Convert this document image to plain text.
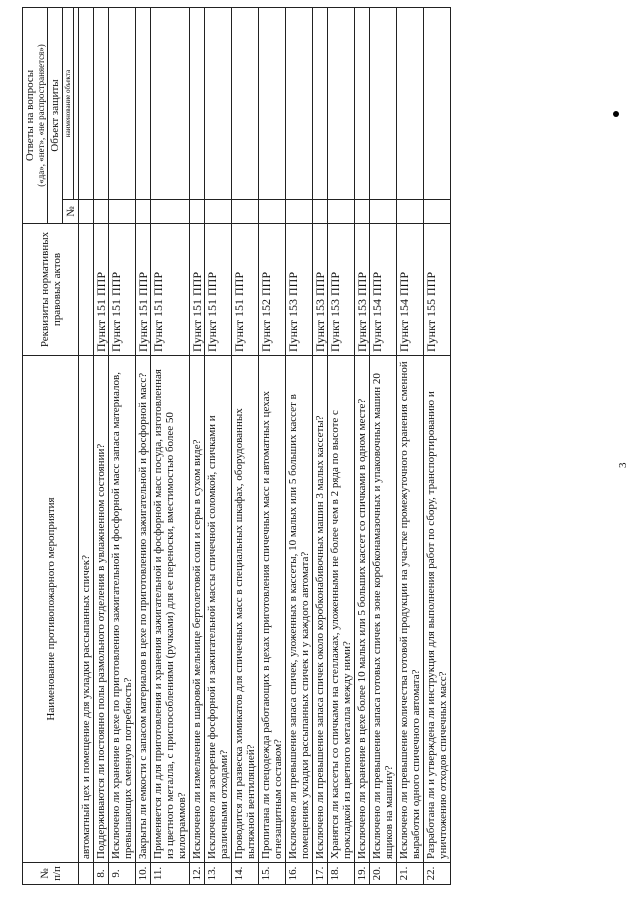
3
№ п/п	Наименование противопожарного мероприятия	Реквизиты нормативных правовых актов	Ответы на вопросы («да», «нет», «не распространяется»)	

			Объект защиты	
			№	наименование объекта

	автоматный цех и помещение для укладки рассыпанных спичек?			
8.	Поддерживаются ли постоянно полы размольного отделения в увлажненном состоянии?	Пункт 151 ППР		
9.	Исключено ли хранение в цехе по приготовлению зажигательной и фосфорной масс запаса материалов, превышающих сменную потребность?	Пункт 151 ППР		
10.	Закрыты ли емкости с запасом материалов в цехе по приготовлению зажигательной и фосфорной масс?	Пункт 151 ППР		
11.	Применяется ли для приготовления и хранения зажигательной и фосфорной масс посуда, изготовленная из цветного металла, с приспособлениями (ручками) для ее переноски, вместимостью более 50 килограммов?	Пункт 151 ППР		
12.	Исключено ли измельчение в шаровой мельнице бертолетовой соли и серы в сухом виде?	Пункт 151 ППР		
13.	Исключено ли засорение фосфорной и зажигательной массы спичечной соломкой, спичками и различными отходами?	Пункт 151 ППР		
14.	Проводится ли развеска химикатов для спичечных масс в специальных шкафах, оборудованных вытяжной вентиляцией?	Пункт 151 ППР		
15.	Пропитана ли спецодежда работающих в цехах приготовления спичечных масс и автоматных цехах огнезащитным составом?	Пункт 152 ППР		
16.	Исключено ли превышение запаса спичек, уложенных в кассеты, 10 малых или 5 больших кассет в помещениях укладки рассыпанных спичек и у каждого автомата?	Пункт 153 ППР		
17.	Исключено ли превышение запаса спичек около коробконабивочных машин 3 малых кассеты?	Пункт 153 ППР		
18.	Хранятся ли кассеты со спичками на стеллажах, уложенными не более чем в 2 ряда по высоте с прокладкой из цветного металла между ними?	Пункт 153 ППР		
19.	Исключено ли хранение в цехе более 10 малых или 5 больших кассет со спичками в одном месте?	Пункт 153 ППР		
20.	Исключено ли превышение запаса готовых спичек в зоне коробконамазочных и упаковочных машин 20 ящиков на машину?	Пункт 154 ППР		
21.	Исключено ли превышение количества готовой продукции на участке промежуточного хранения сменной выработки одного спичечного автомата?	Пункт 154 ППР		
22.	Разработана ли и утверждена ли инструкция для выполнения работ по сбору, транспортированию и уничтожению отходов спичечных масс?	Пункт 155 ППР		
